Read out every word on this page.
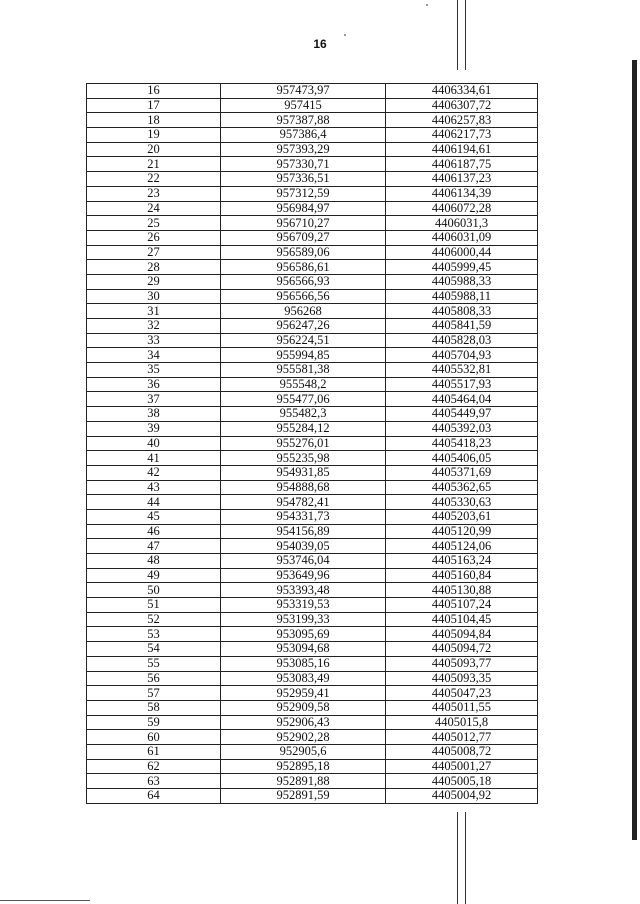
16
16	957473,97	4406334,61
17	957415	4406307,72
18	957387,88	4406257,83
19	957386,4	4406217,73
20	957393,29	4406194,61
21	957330,71	4406187,75
22	957336,51	4406137,23
23	957312,59	4406134,39
24	956984,97	4406072,28
25	956710,27	4406031,3
26	956709,27	4406031,09
27	956589,06	4406000,44
28	956586,61	4405999,45
29	956566,93	4405988,33
30	956566,56	4405988,11
31	956268	4405808,33
32	956247,26	4405841,59
33	956224,51	4405828,03
34	955994,85	4405704,93
35	955581,38	4405532,81
36	955548,2	4405517,93
37	955477,06	4405464,04
38	955482,3	4405449,97
39	955284,12	4405392,03
40	955276,01	4405418,23
41	955235,98	4405406,05
42	954931,85	4405371,69
43	954888,68	4405362,65
44	954782,41	4405330,63
45	954331,73	4405203,61
46	954156,89	4405120,99
47	954039,05	4405124,06
48	953746,04	4405163,24
49	953649,96	4405160,84
50	953393,48	4405130,88
51	953319,53	4405107,24
52	953199,33	4405104,45
53	953095,69	4405094,84
54	953094,68	4405094,72
55	953085,16	4405093,77
56	953083,49	4405093,35
57	952959,41	4405047,23
58	952909,58	4405011,55
59	952906,43	4405015,8
60	952902,28	4405012,77
61	952905,6	4405008,72
62	952895,18	4405001,27
63	952891,88	4405005,18
64	952891,59	4405004,92
